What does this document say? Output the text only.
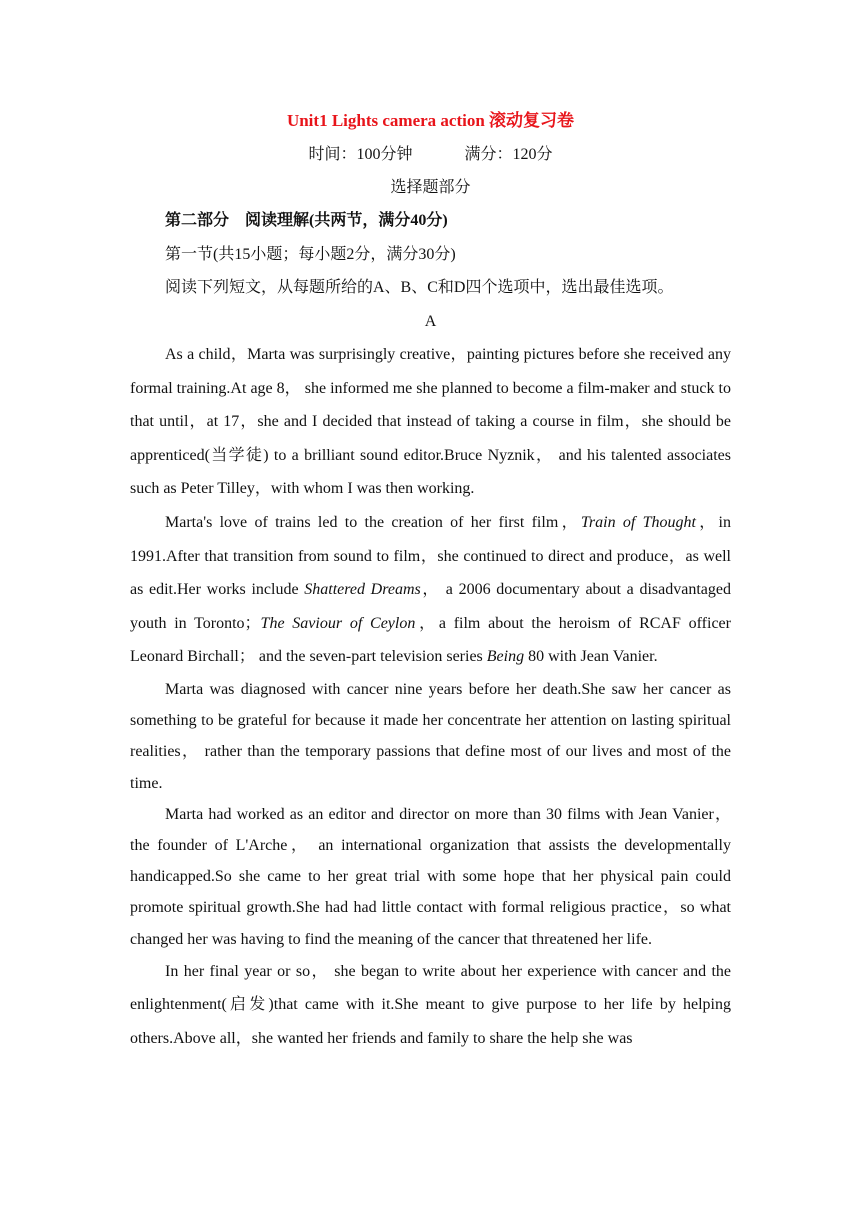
Unit1 Lights camera action 滚动复习卷

时间：100分钟	满分：120分

选择题部分

第二部分　阅读理解(共两节，满分40分)

第一节(共15小题；每小题2分，满分30分)

阅读下列短文，从每题所给的A、B、C和D四个选项中，选出最佳选项。

A

As a child，Marta was surprisingly creative，painting pictures before she received any formal training.At age 8， she informed me she planned to become a film-maker and stuck to that until，at 17，she and I decided that instead of taking a course in film，she should be apprenticed(当学徒) to a brilliant sound editor.Bruce Nyznik， and his talented associates such as Peter Tilley，with whom I was then working.

Marta's love of trains led to the creation of her first film，Train of Thought，in 1991.After that transition from sound to film，she continued to direct and produce，as well as edit.Her works include Shattered Dreams， a 2006 documentary about a disadvantaged youth in Toronto；The Saviour of Ceylon，a film about the heroism of RCAF officer Leonard Birchall； and the seven-part television series Being 80 with Jean Vanier.

Marta was diagnosed with cancer nine years before her death.She saw her cancer as something to be grateful for because it made her concentrate her attention on lasting spiritual realities， rather than the temporary passions that define most of our lives and most of the time.

Marta had worked as an editor and director on more than 30 films with Jean Vanier， the founder of L'Arche， an international organization that assists the developmentally handicapped.So she came to her great trial with some hope that her physical pain could promote spiritual growth.She had had little contact with formal religious practice，so what changed her was having to find the meaning of the cancer that threatened her life.

In her final year or so， she began to write about her experience with cancer and the enlightenment(启发)that came with it.She meant to give purpose to her life by helping others.Above all，she wanted her friends and family to share the help she was
